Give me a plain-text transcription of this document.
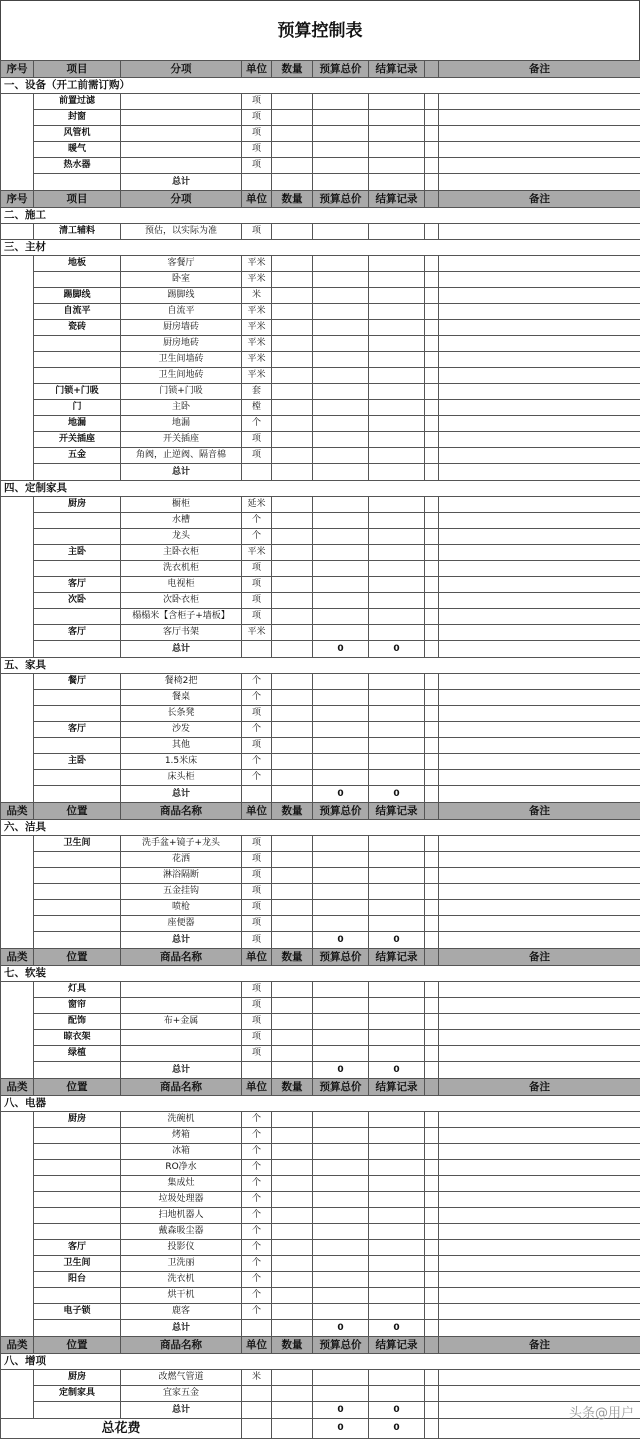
预算控制表
序号	项目	分项	单位	数量	预算总价	结算记录		备注
一、设备（开工前需订购）								
	前置过滤		项					
	封窗		项					
	风管机		项					
	暖气		项					
	热水器		项					
		总计						
序号	项目	分项	单位	数量	预算总价	结算记录		备注
二、施工								
	清工辅料	预估，以实际为准	项					
三、主材								
	地板	客餐厅	平米					
		卧室	平米					
	踢脚线	踢脚线	米					
	自流平	自流平	平米					
	瓷砖	厨房墙砖	平米					
		厨房地砖	平米					
		卫生间墙砖	平米					
		卫生间地砖	平米					
	门锁+门吸	门锁+门吸	套					
	门	主卧	樘					
	地漏	地漏	个					
	开关插座	开关插座	项					
	五金	角阀，止逆阀、隔音棉	项					
		总计						
四、定制家具								
	厨房	橱柜	延米					
		水槽	个					
		龙头	个					
	主卧	主卧衣柜	平米					
		洗衣机柜	项					
	客厅	电视柜	项					
	次卧	次卧衣柜	项					
		榻榻米【含柜子+墙板】	项					
	客厅	客厅书架	平米					
		总计			0	0		
五、家具								
	餐厅	餐椅2把	个					
		餐桌	个					
		长条凳	项					
	客厅	沙发	个					
		其他	项					
	主卧	1.5米床	个					
		床头柜	个					
		总计			0	0		
品类	位置	商品名称	单位	数量	预算总价	结算记录		备注
六、洁具								
	卫生间	洗手盆+镜子+龙头	项					
		花洒	项					
		淋浴隔断	项					
		五金挂钩	项					
		喷枪	项					
		座便器	项					
		总计	项		0	0		
品类	位置	商品名称	单位	数量	预算总价	结算记录		备注
七、软装								
	灯具		项					
	窗帘		项					
	配饰	布+金属	项					
	晾衣架		项					
	绿植		项					
		总计			0	0		
品类	位置	商品名称	单位	数量	预算总价	结算记录		备注
八、电器								
	厨房	洗碗机	个					
		烤箱	个					
		冰箱	个					
		RO净水	个					
		集成灶	个					
		垃圾处理器	个					
		扫地机器人	个					
		戴森吸尘器	个					
	客厅	投影仪	个					
	卫生间	卫洗丽	个					
	阳台	洗衣机	个					
		烘干机	个					
	电子锁	鹿客	个					
		总计			0	0		
品类	位置	商品名称	单位	数量	预算总价	结算记录		备注
八、增项								
	厨房	改燃气管道	米					
	定制家具	宜家五金						
		总计			0	0		
总花费					0	0		
头条@用户
